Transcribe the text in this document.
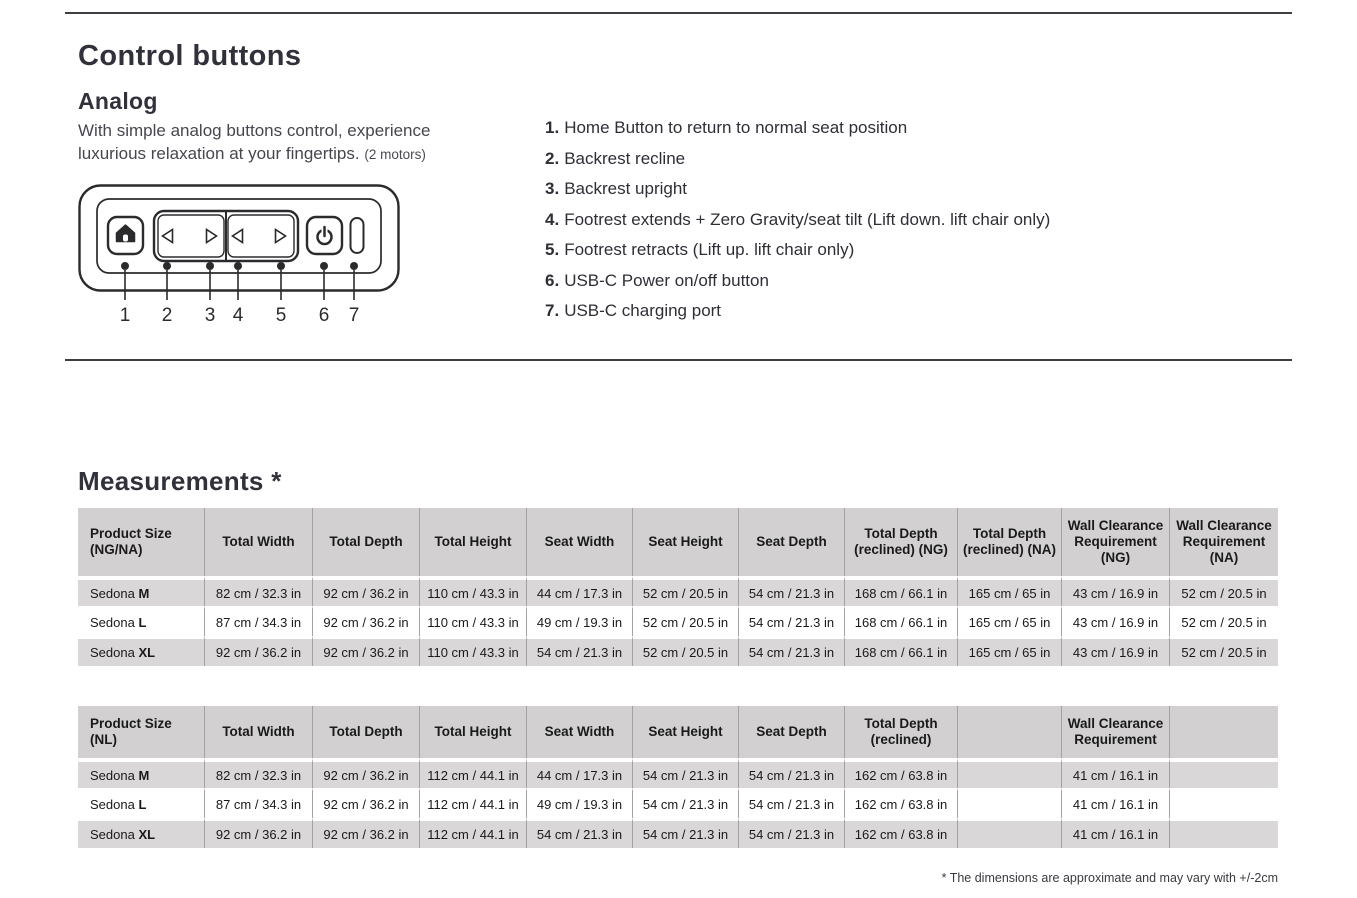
Control buttons
Analog
With simple analog buttons control, experience luxurious relaxation at your fingertips. (2 motors)
1 2 3 4 5 6 7
1. Home Button to return to normal seat position
2. Backrest recline
3. Backrest upright
4. Footrest extends + Zero Gravity/seat tilt (Lift down. lift chair only)
5. Footrest retracts (Lift up. lift chair only)
6. USB-C Power on/off button
7. USB-C charging port
Measurements *
Product Size (NG/NA)	Total Width	Total Depth	Total Height	Seat Width	Seat Height	Seat Depth	Total Depth (reclined) (NG)	Total Depth (reclined) (NA)	Wall Clearance Requirement (NG)	Wall Clearance Requirement (NA)
Sedona M	82 cm / 32.3 in	92 cm / 36.2 in	110 cm / 43.3 in	44 cm / 17.3 in	52 cm / 20.5 in	54 cm / 21.3 in	168 cm / 66.1 in	165 cm / 65 in	43 cm / 16.9 in	52 cm / 20.5 in
Sedona L	87 cm / 34.3 in	92 cm / 36.2 in	110 cm / 43.3 in	49 cm / 19.3 in	52 cm / 20.5 in	54 cm / 21.3 in	168 cm / 66.1 in	165 cm / 65 in	43 cm / 16.9 in	52 cm / 20.5 in
Sedona XL	92 cm / 36.2 in	92 cm / 36.2 in	110 cm / 43.3 in	54 cm / 21.3 in	52 cm / 20.5 in	54 cm / 21.3 in	168 cm / 66.1 in	165 cm / 65 in	43 cm / 16.9 in	52 cm / 20.5 in
Product Size (NL)	Total Width	Total Depth	Total Height	Seat Width	Seat Height	Seat Depth	Total Depth (reclined)		Wall Clearance Requirement	
Sedona M	82 cm / 32.3 in	92 cm / 36.2 in	112 cm / 44.1 in	44 cm / 17.3 in	54 cm / 21.3 in	54 cm / 21.3 in	162 cm / 63.8 in		41 cm / 16.1 in	
Sedona L	87 cm / 34.3 in	92 cm / 36.2 in	112 cm / 44.1 in	49 cm / 19.3 in	54 cm / 21.3 in	54 cm / 21.3 in	162 cm / 63.8 in		41 cm / 16.1 in	
Sedona XL	92 cm / 36.2 in	92 cm / 36.2 in	112 cm / 44.1 in	54 cm / 21.3 in	54 cm / 21.3 in	54 cm / 21.3 in	162 cm / 63.8 in		41 cm / 16.1 in	
* The dimensions are approximate and may vary with +/-2cm
